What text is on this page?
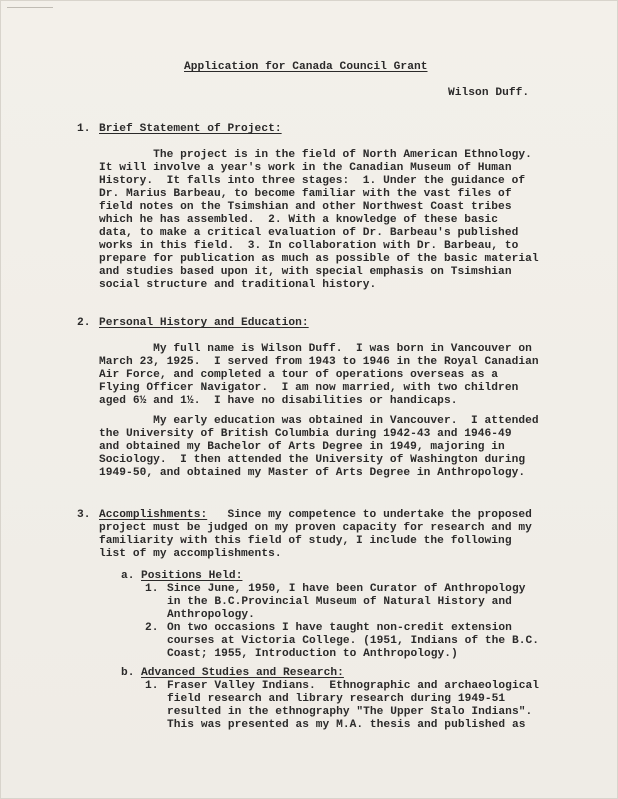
Application for Canada Council Grant
Wilson Duff.
1. Brief Statement of Project:
The project is in the field of North American Ethnology.
It will involve a year's work in the Canadian Museum of Human
History.  It falls into three stages:  1. Under the guidance of
Dr. Marius Barbeau, to become familiar with the vast files of
field notes on the Tsimshian and other Northwest Coast tribes
which he has assembled.  2. With a knowledge of these basic
data, to make a critical evaluation of Dr. Barbeau's published
works in this field.  3. In collaboration with Dr. Barbeau, to
prepare for publication as much as possible of the basic material
and studies based upon it, with special emphasis on Tsimshian
social structure and traditional history.
2. Personal History and Education:
My full name is Wilson Duff.  I was born in Vancouver on
March 23, 1925.  I served from 1943 to 1946 in the Royal Canadian
Air Force, and completed a tour of operations overseas as a
Flying Officer Navigator.  I am now married, with two children
aged 6½ and 1½.  I have no disabilities or handicaps.
My early education was obtained in Vancouver.  I attended
the University of British Columbia during 1942-43 and 1946-49
and obtained my Bachelor of Arts Degree in 1949, majoring in
Sociology.  I then attended the University of Washington during
1949-50, and obtained my Master of Arts Degree in Anthropology.
3. Accomplishments: Since my competence to undertake the proposed
project must be judged on my proven capacity for research and my
familiarity with this field of study, I include the following
list of my accomplishments.
a. Positions Held:
1. Since June, 1950, I have been Curator of Anthropology
in the B.C.Provincial Museum of Natural History and
Anthropology.
2. On two occasions I have taught non-credit extension
courses at Victoria College. (1951, Indians of the B.C.
Coast; 1955, Introduction to Anthropology.)
b. Advanced Studies and Research:
1. Fraser Valley Indians.  Ethnographic and archaeological
field research and library research during 1949-51
resulted in the ethnography "The Upper Stalo Indians".
This was presented as my M.A. thesis and published as
